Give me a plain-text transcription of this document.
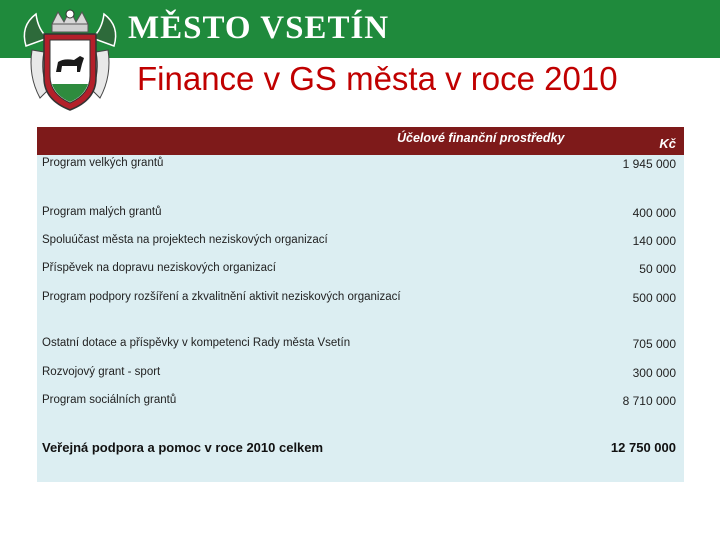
MĚSTO VSETÍN
Finance v GS města v roce 2010
Účelové finanční prostředky	Kč
Program velkých grantů	1 945 000
Program malých grantů	400 000
Spoluúčast města na projektech neziskových organizací	140 000
Příspěvek na dopravu neziskových organizací	50 000
Program podpory rozšíření a zkvalitnění aktivit neziskových organizací	500 000
Ostatní dotace a příspěvky v kompetenci Rady města Vsetín	705 000
Rozvojový grant - sport	300 000
Program sociálních grantů	8 710 000
Veřejná podpora a pomoc v roce 2010 celkem	12 750 000
